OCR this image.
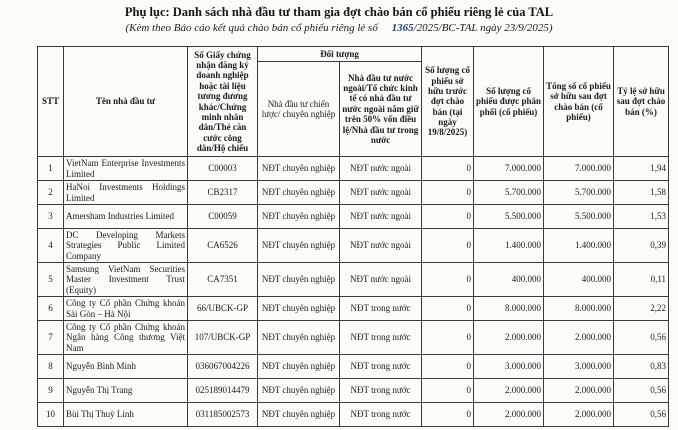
Phụ lục: Danh sách nhà đầu tư tham gia đợt chào bán cổ phiếu riêng lẻ của TAL
(Kèm theo Báo cáo kết quả chào bán cổ phiếu riêng lẻ số 1365/2025/BC-TAL ngày 23/9/2025)
STT	Tên nhà đầu tư	Số Giấy chứng nhận đăng ký doanh nghiệp hoặc tài liệu tương đương khác/Chứng minh nhân dân/Thẻ căn cước công dân/Hộ chiếu	Đối tượng		Số lượng cổ phiếu sở hữu trước đợt chào bán (tại ngày 19/8/2025)	Số lượng cổ phiếu được phân phối (cổ phiếu)	Tổng số cổ phiếu sở hữu sau đợt chào bán (cổ phiếu)	Tỷ lệ sở hữu sau đợt chào bán (%)
			Nhà đầu tư chiến lược/ chuyên nghiệp	Nhà đầu tư nước ngoài/Tổ chức kinh tế có nhà đầu tư nước ngoài nắm giữ trên 50% vốn điều lệ/Nhà đầu tư trong nước				
1	VietNam Enterprise Investments Limited	C00003	NĐT chuyên nghiệp	NĐT nước ngoài	0	7.000.000	7.000.000	1,94
2	HaNoi Investments Holdings Limited	CB2317	NĐT chuyên nghiệp	NĐT nước ngoài	0	5.700.000	5.700.000	1,58
3	Amersham Industries Limited	C00059	NĐT chuyên nghiệp	NĐT nước ngoài	0	5.500.000	5.500.000	1,53
4	DC Developing Markets Strategies Public Limited Company	CA6526	NĐT chuyên nghiệp	NĐT nước ngoài	0	1.400.000	1.400.000	0,39
5	Samsung VietNam Securities Master Investment Trust (Equity)	CA7351	NĐT chuyên nghiệp	NĐT nước ngoài	0	400.000	400.000	0,11
6	Công ty Cổ phần Chứng khoán Sài Gòn – Hà Nội	66/UBCK-GP	NĐT chuyên nghiệp	NĐT trong nước	0	8.000.000	8.000.000	2,22
7	Công ty Cổ phần Chứng khoán Ngân hàng Công thương Việt Nam	107/UBCK-GP	NĐT chuyên nghiệp	NĐT trong nước	0	2.000.000	2.000.000	0,56
8	Nguyễn Bình Minh	036067004226	NĐT chuyên nghiệp	NĐT trong nước	0	3.000.000	3.000.000	0,83
9	Nguyễn Thị Trang	025189014479	NĐT chuyên nghiệp	NĐT trong nước	0	2.000.000	2.000.000	0,56
10	Bùi Thị Thuỳ Linh	031185002573	NĐT chuyên nghiệp	NĐT trong nước	0	2.000.000	2.000.000	0,56
